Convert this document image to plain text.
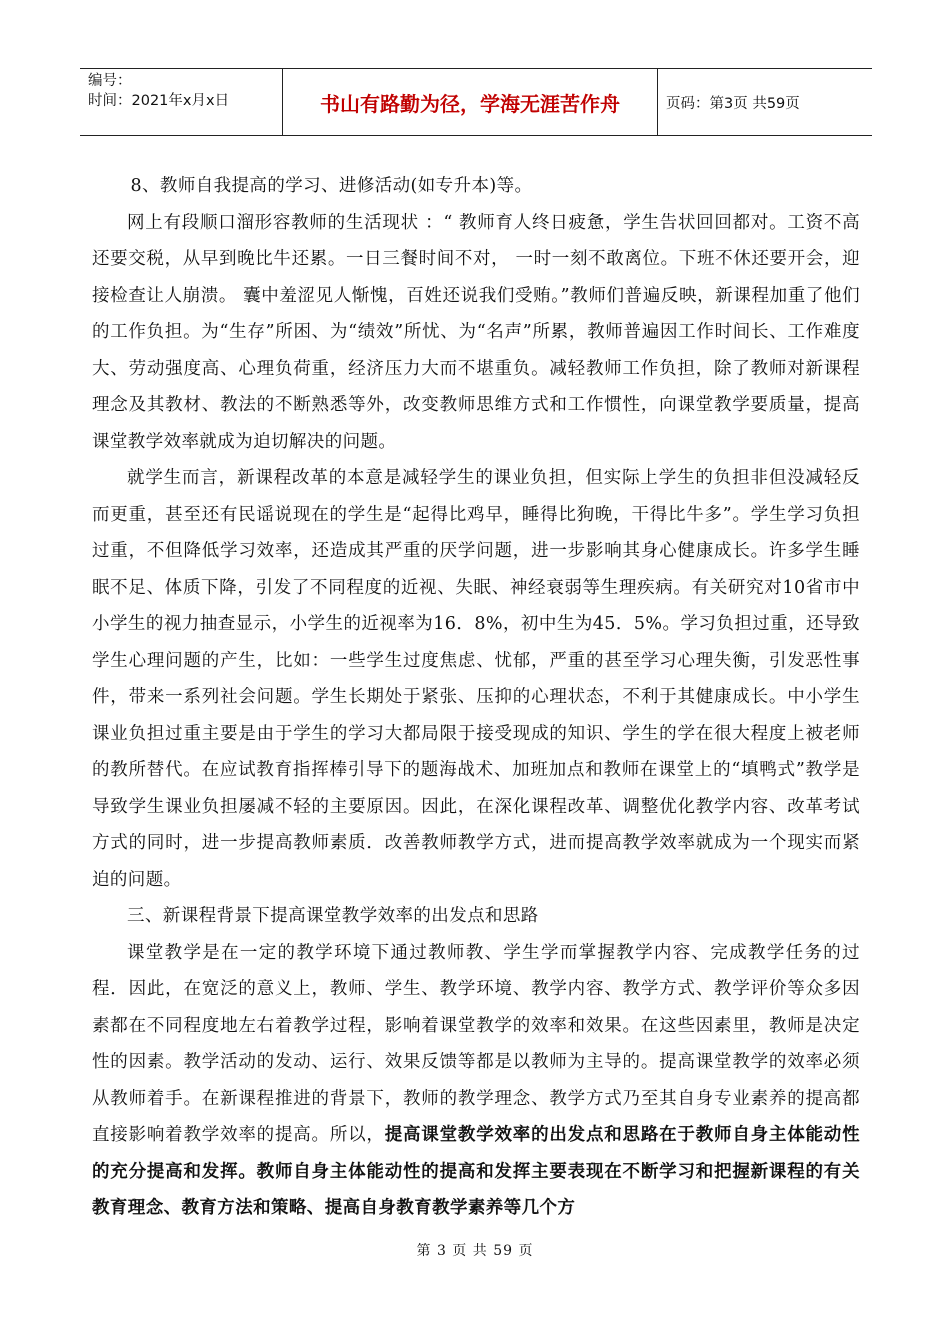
编号：
时间：2021年x月x日	书山有路勤为径，学海无涯苦作舟	页码：第3页 共59页

8、教师自我提高的学习、进修活动(如专升本)等。

网上有段顺口溜形容教师的生活现状 ：“ 教师育人终日疲惫，学生告状回回都对。工资不高还要交税，从早到晚比牛还累。一日三餐时间不对， 一时一刻不敢离位。下班不休还要开会，迎接检查让人崩溃。 囊中羞涩见人惭愧，百姓还说我们受贿。”教师们普遍反映，新课程加重了他们的工作负担。为“生存”所困、为“绩效”所忧、为“名声”所累，教师普遍因工作时间长、工作难度大、劳动强度高、心理负荷重，经济压力大而不堪重负。减轻教师工作负担，除了教师对新课程理念及其教材、教法的不断熟悉等外，改变教师思维方式和工作惯性，向课堂教学要质量，提高课堂教学效率就成为迫切解决的问题。

就学生而言，新课程改革的本意是减轻学生的课业负担，但实际上学生的负担非但没减轻反而更重，甚至还有民谣说现在的学生是“起得比鸡早，睡得比狗晚，干得比牛多”。学生学习负担过重，不但降低学习效率，还造成其严重的厌学问题，进一步影响其身心健康成长。许多学生睡眠不足、体质下降，引发了不同程度的近视、失眠、神经衰弱等生理疾病。有关研究对10省市中小学生的视力抽查显示，小学生的近视率为16．8%，初中生为45．5%。学习负担过重，还导致学生心理问题的产生，比如：一些学生过度焦虑、忧郁，严重的甚至学习心理失衡，引发恶性事件，带来一系列社会问题。学生长期处于紧张、压抑的心理状态，不利于其健康成长。中小学生课业负担过重主要是由于学生的学习大都局限于接受现成的知识、学生的学在很大程度上被老师的教所替代。在应试教育指挥棒引导下的题海战术、加班加点和教师在课堂上的“填鸭式”教学是导致学生课业负担屡减不轻的主要原因。因此，在深化课程改革、调整优化教学内容、改革考试方式的同时，进一步提高教师素质．改善教师教学方式，进而提高教学效率就成为一个现实而紧迫的问题。

三、新课程背景下提高课堂教学效率的出发点和思路

课堂教学是在一定的教学环境下通过教师教、学生学而掌握教学内容、完成教学任务的过程．因此，在宽泛的意义上，教师、学生、教学环境、教学内容、教学方式、教学评价等众多因素都在不同程度地左右着教学过程，影响着课堂教学的效率和效果。在这些因素里，教师是决定性的因素。教学活动的发动、运行、效果反馈等都是以教师为主导的。提高课堂教学的效率必须从教师着手。在新课程推进的背景下，教师的教学理念、教学方式乃至其自身专业素养的提高都直接影响着教学效率的提高。所以，提高课堂教学效率的出发点和思路在于教师自身主体能动性的充分提高和发挥。教师自身主体能动性的提高和发挥主要表现在不断学习和把握新课程的有关教育理念、教育方法和策略、提高自身教育教学素养等几个方

第 3 页 共 59 页
